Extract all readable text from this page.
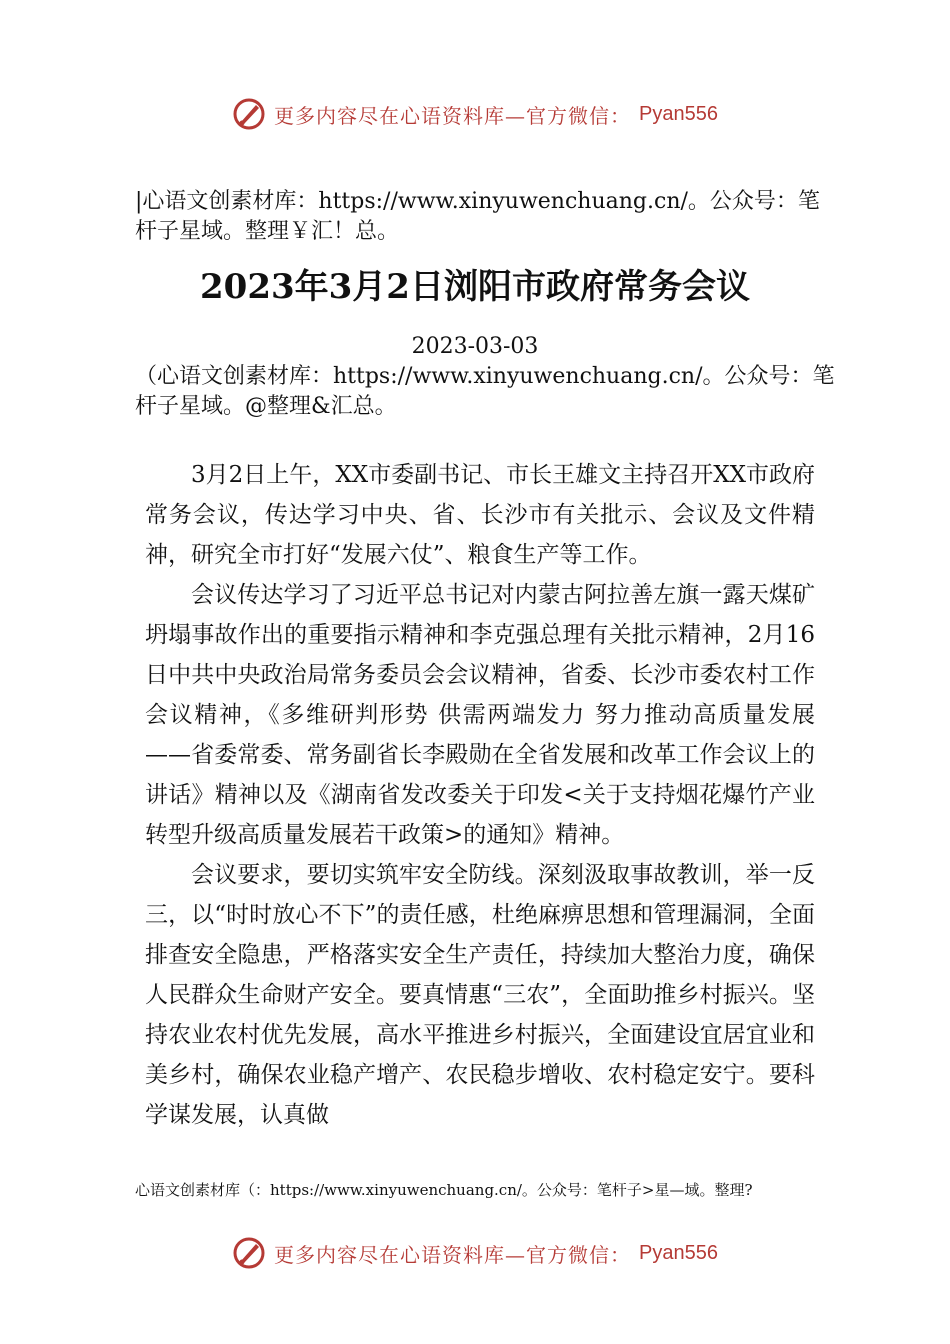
更多内容尽在心语资料库—官方微信： Pyan556
|心语文创素材库：https://www.xinyuwenchuang.cn/。公众号：笔杆子星域。整理￥汇！总。
2023年3月2日浏阳市政府常务会议
2023-03-03
（心语文创素材库：https://www.xinyuwenchuang.cn/。公众号：笔杆子星域。@整理&汇总。

3月2日上午，XX市委副书记、市长王雄文主持召开XX市政府常务会议，传达学习中央、省、长沙市有关批示、会议及文件精神，研究全市打好“发展六仗”、粮食生产等工作。

会议传达学习了习近平总书记对内蒙古阿拉善左旗一露天煤矿坍塌事故作出的重要指示精神和李克强总理有关批示精神，2月16日中共中央政治局常务委员会会议精神，省委、长沙市委农村工作会议精神，《多维研判形势 供需两端发力 努力推动高质量发展——省委常委、常务副省长李殿勋在全省发展和改革工作会议上的讲话》精神以及《湖南省发改委关于印发<关于支持烟花爆竹产业转型升级高质量发展若干政策>的通知》精神。

会议要求，要切实筑牢安全防线。深刻汲取事故教训，举一反三，以“时时放心不下”的责任感，杜绝麻痹思想和管理漏洞，全面排查安全隐患，严格落实安全生产责任，持续加大整治力度，确保人民群众生命财产安全。要真情惠“三农”，全面助推乡村振兴。坚持农业农村优先发展，高水平推进乡村振兴，全面建设宜居宜业和美乡村，确保农业稳产增产、农民稳步增收、农村稳定安宁。要科学谋发展，认真做

心语文创素材库（：https://www.xinyuwenchuang.cn/。公众号：笔杆子>星—域。整理?
更多内容尽在心语资料库—官方微信： Pyan556
